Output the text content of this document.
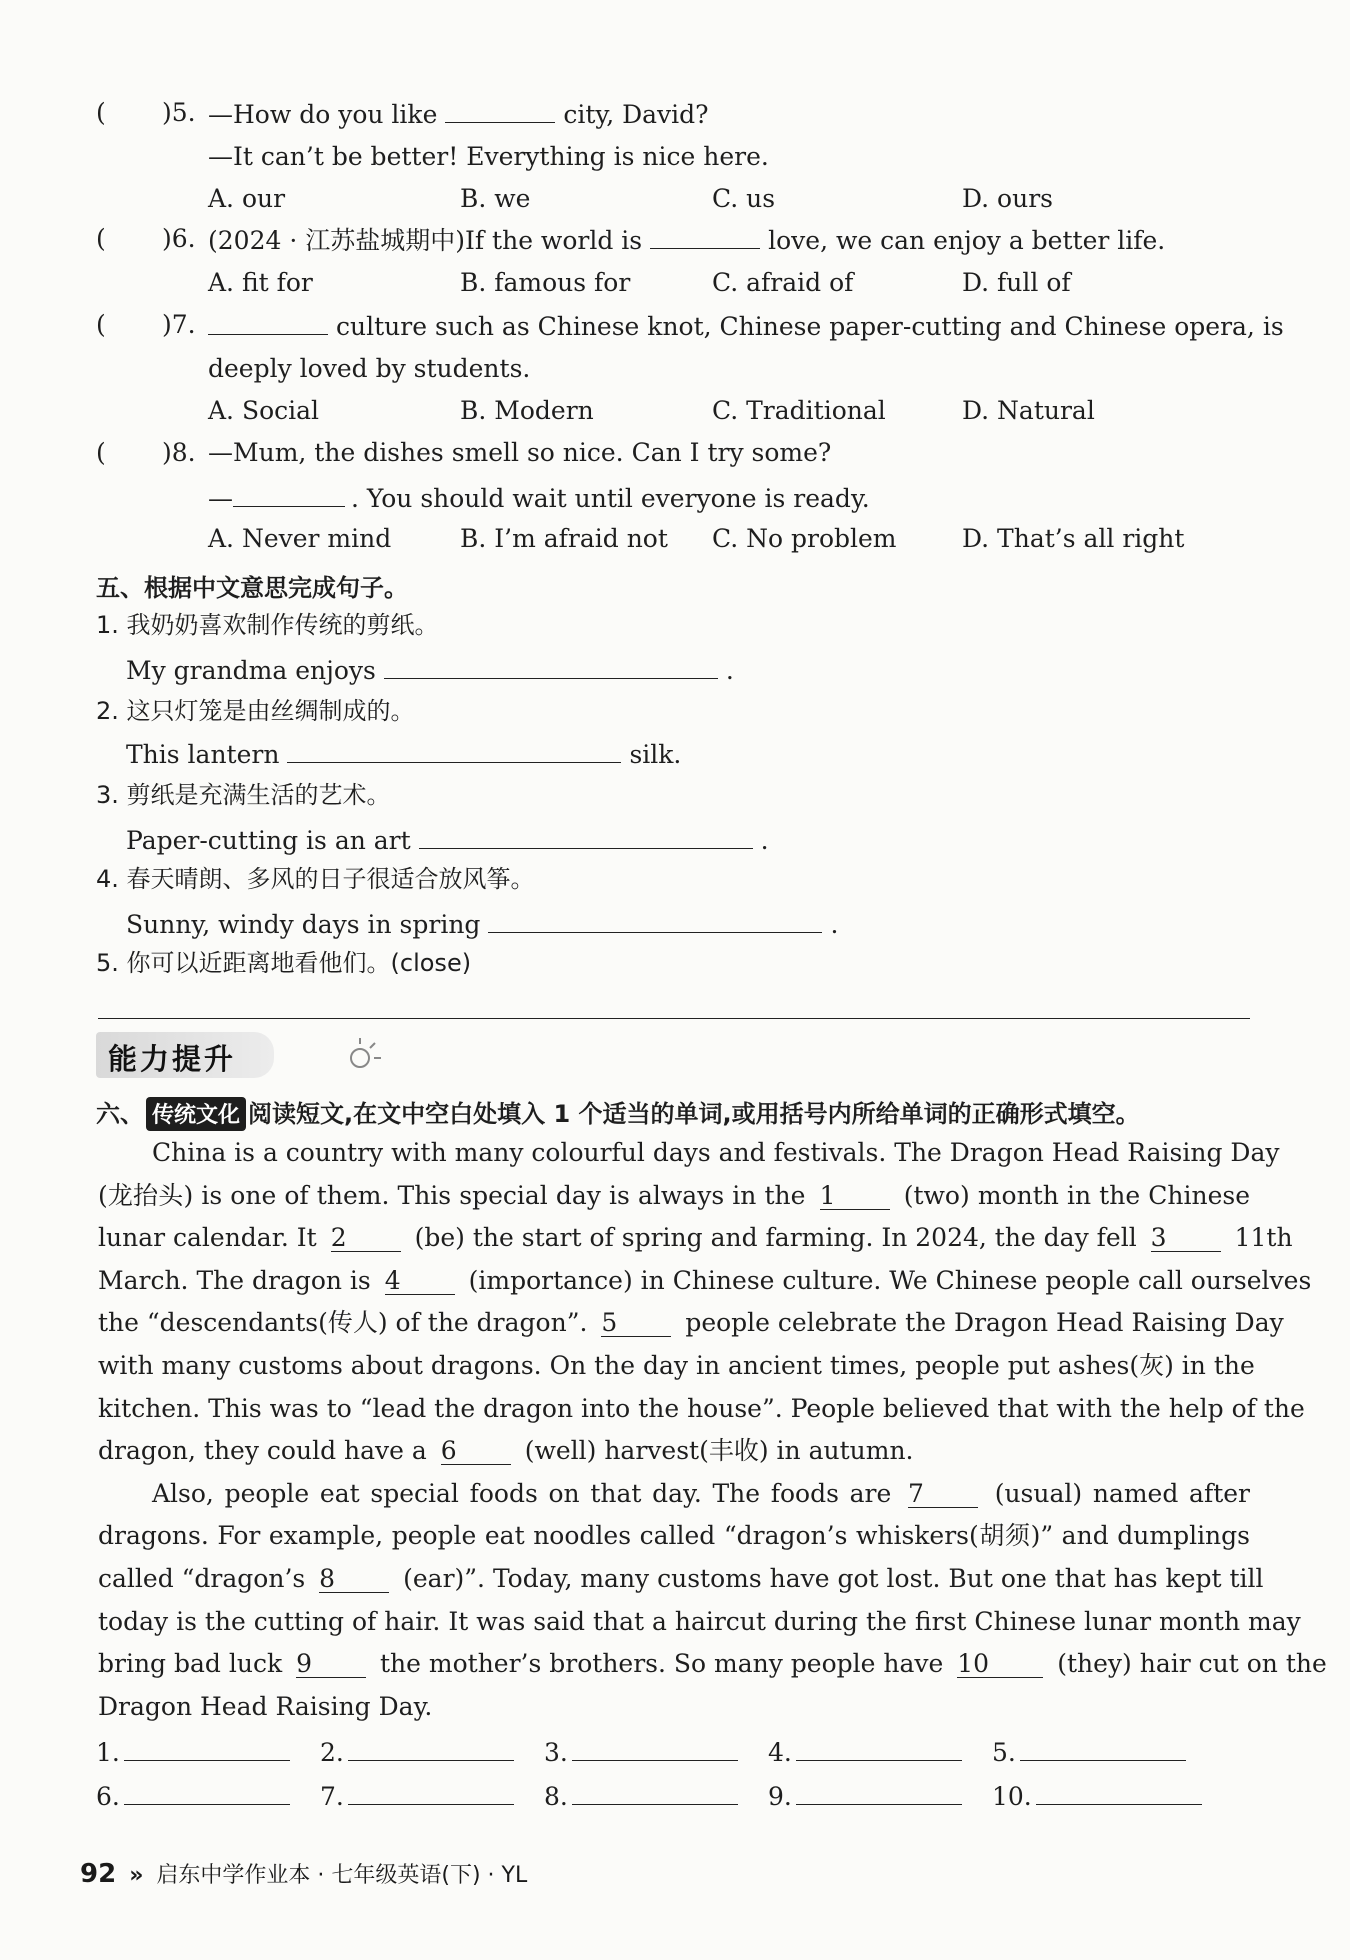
( )5. —How do you like	city, David?
—It can’t be better! Everything is nice here.
A. our	B. we	C. us	D. ours
( )6. (2024 · 江苏盐城期中)If the world is	love, we can enjoy a better life.
A. fit for	B. famous for	C. afraid of	D. full of
( )7.	culture such as Chinese knot, Chinese paper-cutting and Chinese opera, is
deeply loved by students.
A. Social	B. Modern	C. Traditional	D. Natural
( )8. —Mum, the dishes smell so nice. Can I try some?
—	. You should wait until everyone is ready.
A. Never mind	B. I’m afraid not C. No problem	D. That’s all right
五、根据中文意思完成句子。
1. 我奶奶喜欢制作传统的剪纸。
My grandma enjoys	.
2. 这只灯笼是由丝绸制成的。
This lantern	silk.
3. 剪纸是充满生活的艺术。
Paper-cutting is an art	.
4. 春天晴朗、多风的日子很适合放风筝。
Sunny, windy days in spring	.
5. 你可以近距离地看他们。(close)
能力提升
六、 传统文化 阅读短文,在文中空白处填入 1 个适当的单词,或用括号内所给单词的正确形式填空。
China is a country with many colourful days and festivals. The Dragon Head Raising Day
(龙抬头) is one of them. This special day is always in the 1 (two) month in the Chinese
lunar calendar. It 2 (be) the start of spring and farming. In 2024, the day fell 3 11th
March. The dragon is 4 (importance) in Chinese culture. We Chinese people call ourselves
the “descendants(传人) of the dragon”. 5 people celebrate the Dragon Head Raising Day
with many customs about dragons. On the day in ancient times, people put ashes(灰) in the
kitchen. This was to “lead the dragon into the house”. People believed that with the help of the
dragon, they could have a 6 (well) harvest(丰收) in autumn.
Also, people eat special foods on that day. The foods are 7 (usual) named after
dragons. For example, people eat noodles called “dragon’s whiskers(胡须)” and dumplings
called “dragon’s 8 (ear)”. Today, many customs have got lost. But one that has kept till
today is the cutting of hair. It was said that a haircut during the first Chinese lunar month may
bring bad luck 9 the mother’s brothers. So many people have 10 (they) hair cut on the
Dragon Head Raising Day.
1.	2.	3.	4.	5.
6.	7.	8.	9.	10.
92 » 启东中学作业本 · 七年级英语(下) · YL
